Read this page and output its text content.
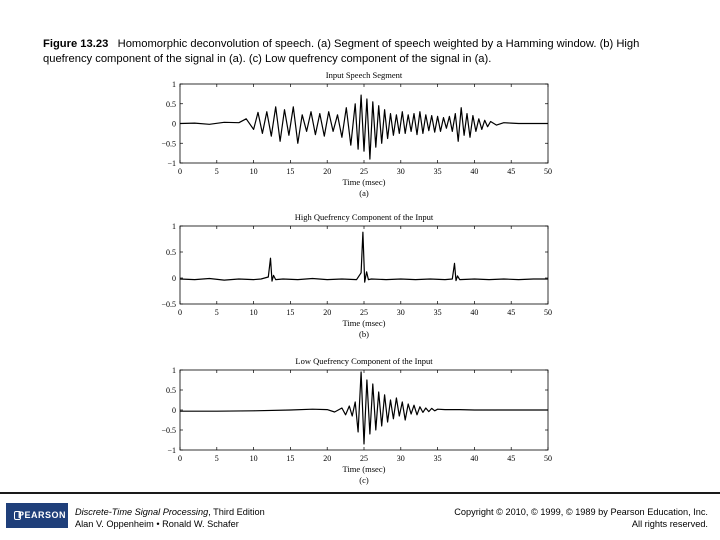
Figure 13.23 Homomorphic deconvolution of speech. (a) Segment of speech weighted by a Hamming window. (b) High quefrency component of the signal in (a). (c) Low quefrency component of the signal in (a).
Input Speech Segment
0	5	10	15	20	25	30	35	40	45	50
1
0.5
0
−0.5
−1
Time (msec)
(a)
High Quefrency Component of the Input
0	5	10	15	20	25	30	35	40	45	50
1
0.5
0
−0.5
Time (msec)
(b)
Low Quefrency Component of the Input
0	5	10	15	20	25	30	35	40	45	50
1
0.5
0
−0.5
−1
Time (msec)
(c)
PEARSON Discrete-Time Signal Processing, Third Edition
Alan V. Oppenheim • Ronald W. Schafer
Copyright © 2010, © 1999, © 1989 by Pearson Education, Inc.
All rights reserved.
